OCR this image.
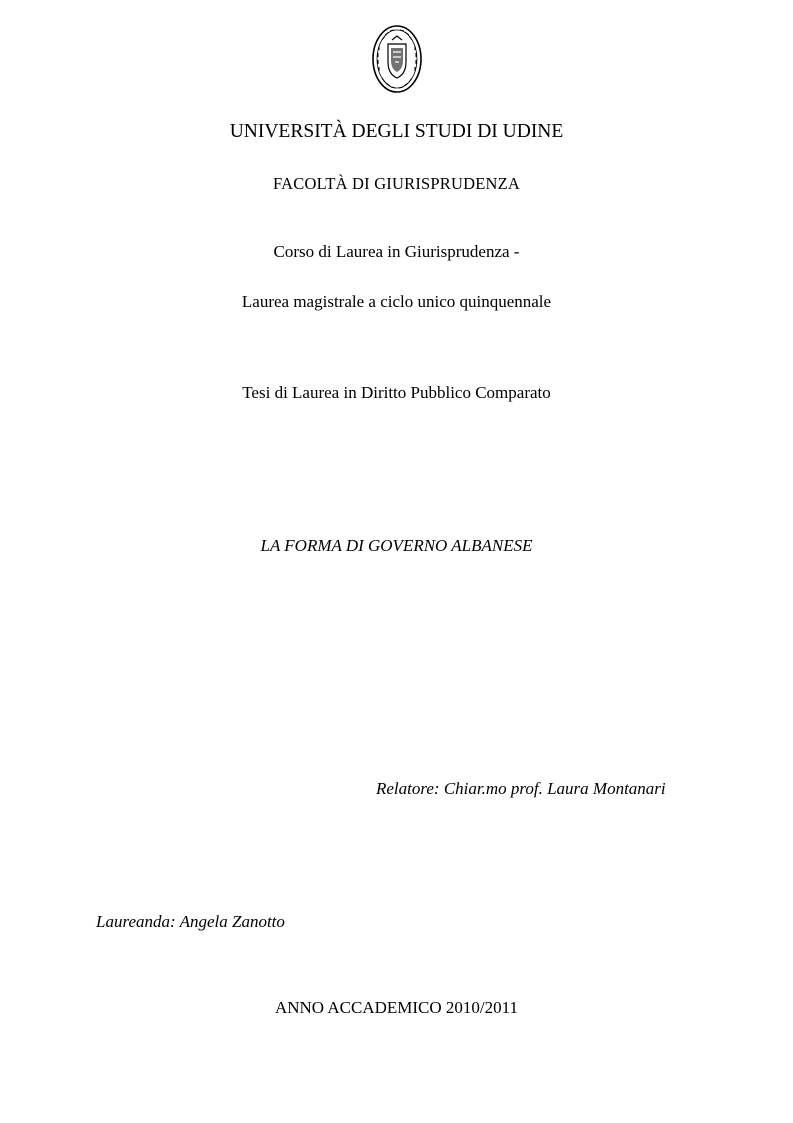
UNIVERSITÀ DEGLI STUDI DI UDINE
FACOLTÀ DI GIURISPRUDENZA
Corso di Laurea in Giurisprudenza -
Laurea magistrale a ciclo unico quinquennale
Tesi di Laurea in Diritto Pubblico Comparato
LA FORMA DI GOVERNO ALBANESE
Relatore: Chiar.mo prof. Laura Montanari
Laureanda: Angela Zanotto
ANNO ACCADEMICO 2010/2011
